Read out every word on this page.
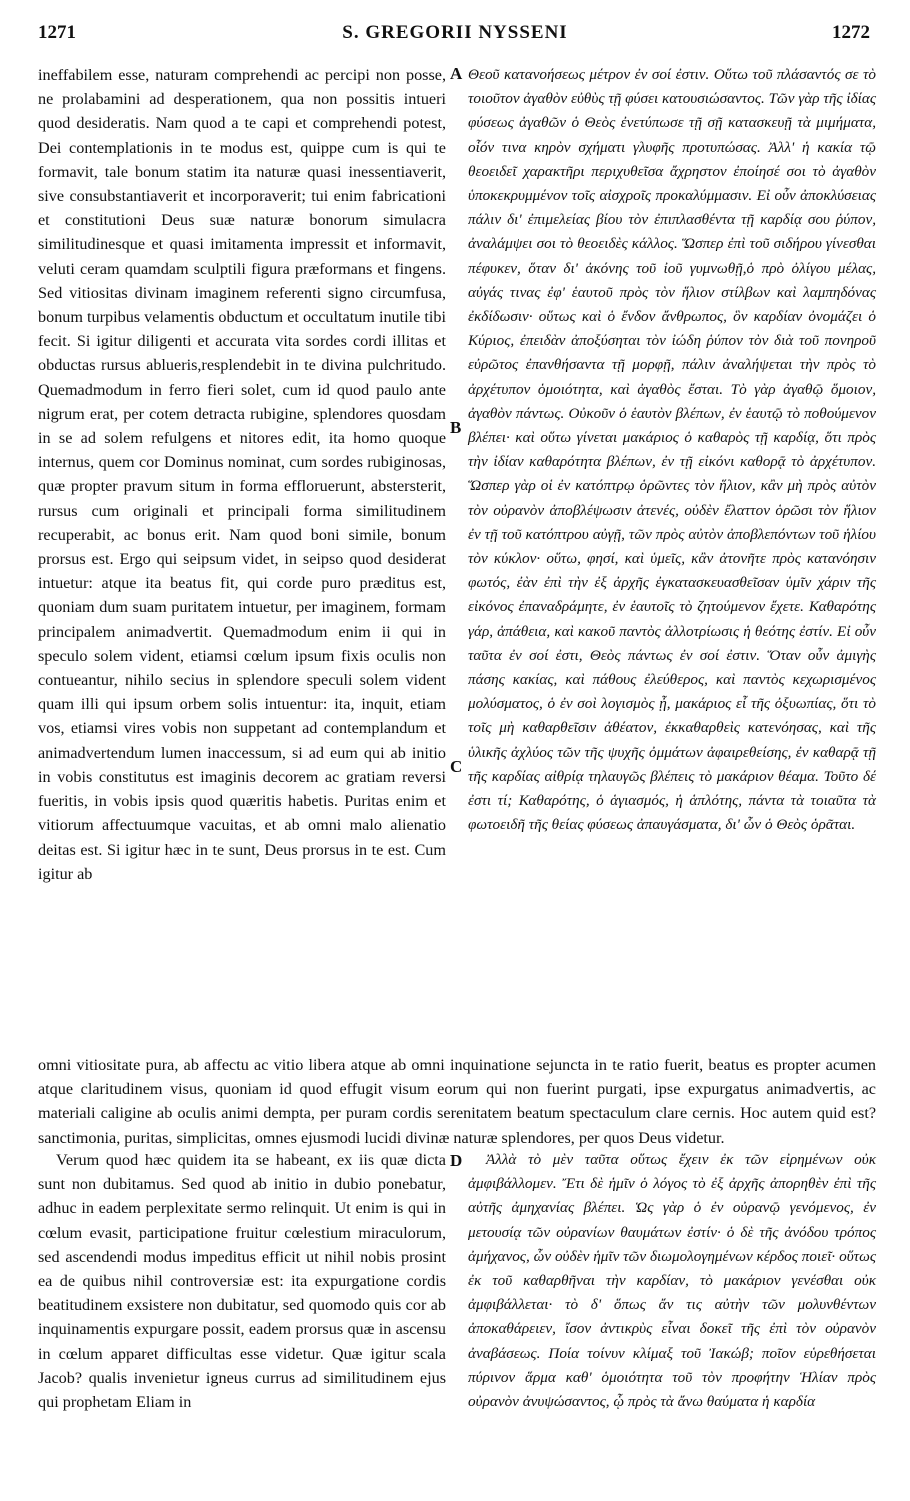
1271	S. GREGORII NYSSENI	1272

ineffabilem esse, naturam comprehendi ac percipi non posse, ne prolabamini ad desperationem, qua non possitis intueri quod desideratis. Nam quod a te capi et comprehendi potest, Dei contemplationis in te modus est, quippe cum is qui te formavit, tale bonum statim ita naturæ quasi inessentiaverit, sive consubstantiaverit et incorporaverit; tui enim fabricationi et constitutioni Deus suæ naturæ bonorum simulacra similitudinesque et quasi imitamenta impressit et informavit, veluti ceram quamdam sculptili figura præformans et fingens. Sed vitiositas divinam imaginem referenti signo circumfusa, bonum turpibus velamentis obductum et occultatum inutile tibi fecit. Si igitur diligenti et accurata vita sordes cordi illitas et obductas rursus ablueris,resplendebit in te divina pulchritudo. Quemadmodum in ferro fieri solet, cum id quod paulo ante nigrum erat, per cotem detracta rubigine, splendores quosdam in se ad solem refulgens et nitores edit, ita homo quoque internus, quem cor Dominus nominat, cum sordes rubiginosas, quæ propter pravum situm in forma effloruerunt, abstersterit, rursus cum originali et principali forma similitudinem recuperabit, ac bonus erit. Nam quod boni simile, bonum prorsus est. Ergo qui seipsum videt, in seipso quod desiderat intuetur: atque ita beatus fit, qui corde puro præditus est, quoniam dum suam puritatem intuetur, per imaginem, formam principalem animadvertit. Quemadmodum enim ii qui in speculo solem vident, etiamsi cœlum ipsum fixis oculis non contueantur, nihilo secius in splendore speculi solem vident quam illi qui ipsum orbem solis intuentur: ita, inquit, etiam vos, etiamsi vires vobis non suppetant ad contemplandum et animadvertendum lumen inaccessum, si ad eum qui ab initio in vobis constitutus est imaginis decorem ac gratiam reversi fueritis, in vobis ipsis quod quæritis habetis. Puritas enim et vitiorum affectuumque vacuitas, et ab omni malo alienatio deitas est. Si igitur hæc in te sunt, Deus prorsus in te est. Cum igitur ab

Θεοῦ κατανοήσεως μέτρον ἐν σοί ἐστιν. Οὕτω τοῦ πλάσαντός σε τὸ τοιοῦτον ἀγαθὸν εὐθὺς τῇ φύσει κατουσιώσαντος. Τῶν γὰρ τῆς ἰδίας φύσεως ἀγαθῶν ὁ Θεὸς ἐνετύπωσε τῇ σῇ κατασκευῇ τὰ μιμήματα, οἷόν τινα κηρὸν σχήματι γλυφῆς προτυπώσας. Ἀλλ' ἡ κακία τῷ θεοειδεῖ χαρακτῆρι περιχυθεῖσα ἄχρηστον ἐποίησέ σοι τὸ ἀγαθὸν ὑποκεκρυμμένον τοῖς αἰσχροῖς προκαλύμμασιν. Εἰ οὖν ἀποκλύσειας πάλιν δι' ἐπιμελείας βίου τὸν ἐπιπλασθέντα τῇ καρδίᾳ σου ῥύπον, ἀναλάμψει σοι τὸ θεοειδὲς κάλλος. Ὥσπερ ἐπὶ τοῦ σιδήρου γίνεσθαι πέφυκεν, ὅταν δι' ἀκόνης τοῦ ἰοῦ γυμνωθῇ,ὁ πρὸ ὀλίγου μέλας, αὐγάς τινας ἐφ' ἑαυτοῦ πρὸς τὸν ἥλιον στίλβων καὶ λαμπηδόνας ἐκδίδωσιν· οὕτως καὶ ὁ ἔνδον ἄνθρωπος, ὃν καρδίαν ὀνομάζει ὁ Κύριος, ἐπειδὰν ἀποξύσηται τὸν ἰώδη ῥύπον τὸν διὰ τοῦ πονηροῦ εὐρῶτος ἐπανθήσαντα τῇ μορφῇ, πάλιν ἀναλήψεται τὴν πρὸς τὸ ἀρχέτυπον ὁμοιότητα, καὶ ἀγαθὸς ἔσται. Τὸ γὰρ ἀγαθῷ ὅμοιον, ἀγαθὸν πάντως. Οὐκοῦν ὁ ἑαυτὸν βλέπων, ἐν ἑαυτῷ τὸ ποθούμενον βλέπει· καὶ οὕτω γίνεται μακάριος ὁ καθαρὸς τῇ καρδίᾳ, ὅτι πρὸς τὴν ἰδίαν καθαρότητα βλέπων, ἐν τῇ εἰκόνι καθορᾷ τὸ ἀρχέτυπον. Ὥσπερ γὰρ οἱ ἐν κατόπτρῳ ὁρῶντες τὸν ἥλιον, κἂν μὴ πρὸς αὐτὸν τὸν οὐρανὸν ἀποβλέψωσιν ἀτενές, οὐδὲν ἔλαττον ὁρῶσι τὸν ἥλιον ἐν τῇ τοῦ κατόπτρου αὐγῇ, τῶν πρὸς αὐτὸν ἀποβλεπόντων τοῦ ἡλίου τὸν κύκλον· οὕτω, φησί, καὶ ὑμεῖς, κἂν ἀτονῆτε πρὸς κατανόησιν φωτός, ἐὰν ἐπὶ τὴν ἐξ ἀρχῆς ἐγκατασκευασθεῖσαν ὑμῖν χάριν τῆς εἰκόνος ἐπαναδράμητε, ἐν ἑαυτοῖς τὸ ζητούμενον ἔχετε. Καθαρότης γάρ, ἀπάθεια, καὶ κακοῦ παντὸς ἀλλοτρίωσις ἡ θεότης ἐστίν. Εἰ οὖν ταῦτα ἐν σοί ἐστι, Θεὸς πάντως ἐν σοί ἐστιν. Ὅταν οὖν ἀμιγὴς πάσης κακίας, καὶ πάθους ἐλεύθερος, καὶ παντὸς κεχωρισμένος μολύσματος, ὁ ἐν σοὶ λογισμὸς ᾖ, μακάριος εἶ τῆς ὀξυωπίας, ὅτι τὸ τοῖς μὴ καθαρθεῖσιν ἀθέατον, ἐκκαθαρθεὶς κατενόησας, καὶ τῆς ὑλικῆς ἀχλύος τῶν τῆς ψυχῆς ὀμμάτων ἀφαιρεθείσης, ἐν καθαρᾷ τῇ τῆς καρδίας αἰθρίᾳ τηλαυγῶς βλέπεις τὸ μακάριον θέαμα. Τοῦτο δέ ἐστι τί; Καθαρότης, ὁ ἁγιασμός, ἡ ἁπλότης, πάντα τὰ τοιαῦτα τὰ φωτοειδῆ τῆς θείας φύσεως ἀπαυγάσματα, δι' ὧν ὁ Θεὸς ὁρᾶται.

omni vitiositate pura, ab affectu ac vitio libera atque ab omni inquinatione sejuncta in te ratio fuerit, beatus es propter acumen atque claritudinem visus, quoniam id quod effugit visum eorum qui non fuerint purgati, ipse expurgatus animadvertis, ac materiali caligine ab oculis animi dempta, per puram cordis serenitatem beatum spectaculum clare cernis. Hoc autem quid est? sanctimonia, puritas, simplicitas, omnes ejusmodi lucidi divinæ naturæ splendores, per quos Deus videtur.

Verum quod hæc quidem ita se habeant, ex iis quæ dicta sunt non dubitamus. Sed quod ab initio in dubio ponebatur, adhuc in eadem perplexitate sermo relinquit. Ut enim is qui in cœlum evasit, participatione fruitur cœlestium miraculorum, sed ascendendi modus impeditus efficit ut nihil nobis prosint ea de quibus nihil controversiæ est: ita expurgatione cordis beatitudinem exsistere non dubitatur, sed quomodo quis cor ab inquinamentis expurgare possit, eadem prorsus quæ in ascensu in cœlum apparet difficultas esse videtur. Quæ igitur scala Jacob? qualis invenietur igneus currus ad similitudinem ejus qui prophetam Eliam in

Ἀλλὰ τὸ μὲν ταῦτα οὕτως ἔχειν ἐκ τῶν εἰρημένων οὐκ ἀμφιβάλλομεν. Ἔτι δὲ ἡμῖν ὁ λόγος τὸ ἐξ ἀρχῆς ἀπορηθὲν ἐπὶ τῆς αὐτῆς ἀμηχανίας βλέπει. Ὡς γὰρ ὁ ἐν οὐρανῷ γενόμενος, ἐν μετουσίᾳ τῶν οὐρανίων θαυμάτων ἐστίν· ὁ δὲ τῆς ἀνόδου τρόπος ἀμήχανος, ὧν οὐδὲν ἡμῖν τῶν διωμολογημένων κέρδος ποιεῖ· οὕτως ἐκ τοῦ καθαρθῆναι τὴν καρδίαν, τὸ μακάριον γενέσθαι οὐκ ἀμφιβάλλεται· τὸ δ' ὅπως ἄν τις αὐτὴν τῶν μολυνθέντων ἀποκαθάρειεν, ἴσον ἀντικρὺς εἶναι δοκεῖ τῆς ἐπὶ τὸν οὐρανὸν ἀναβάσεως. Ποία τοίνυν κλίμαξ τοῦ Ἰακώβ; ποῖον εὑρεθήσεται πύρινον ἅρμα καθ' ὁμοιότητα τοῦ τὸν προφήτην Ἡλίαν πρὸς οὐρανὸν ἀνυψώσαντος, ᾧ πρὸς τὰ ἄνω θαύματα ἡ καρδία

A
B
C
D
